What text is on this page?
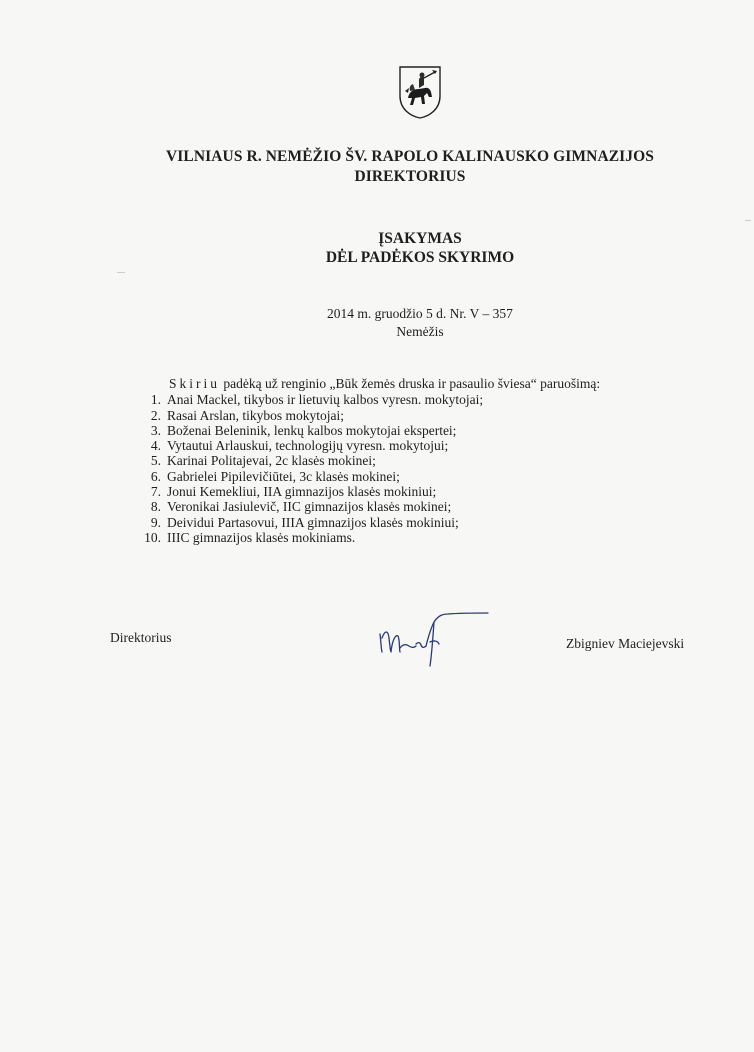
VILNIAUS R. NEMĖŽIO ŠV. RAPOLO KALINAUSKO GIMNAZIJOS
DIREKTORIUS
ĮSAKYMAS
DĖL PADĖKOS SKYRIMO
2014 m. gruodžio 5 d. Nr. V – 357
Nemėžis
Skiriu padėką už renginio „Būk žemės druska ir pasaulio šviesa“ paruošimą:
1. Anai Mackel, tikybos ir lietuvių kalbos vyresn. mokytojai;
2. Rasai Arslan, tikybos mokytojai;
3. Boženai Beleninik, lenkų kalbos mokytojai ekspertei;
4. Vytautui Arlauskui, technologijų vyresn. mokytojui;
5. Karinai Politajevai, 2c klasės mokinei;
6. Gabrielei Pipilevičiūtei, 3c klasės mokinei;
7. Jonui Kemekliui, IIA gimnazijos klasės mokiniui;
8. Veronikai Jasiulevič, IIC gimnazijos klasės mokinei;
9. Deividui Partasovui, IIIA gimnazijos klasės mokiniui;
10. IIIC gimnazijos klasės mokiniams.
Direktorius	Zbigniev Maciejevski
